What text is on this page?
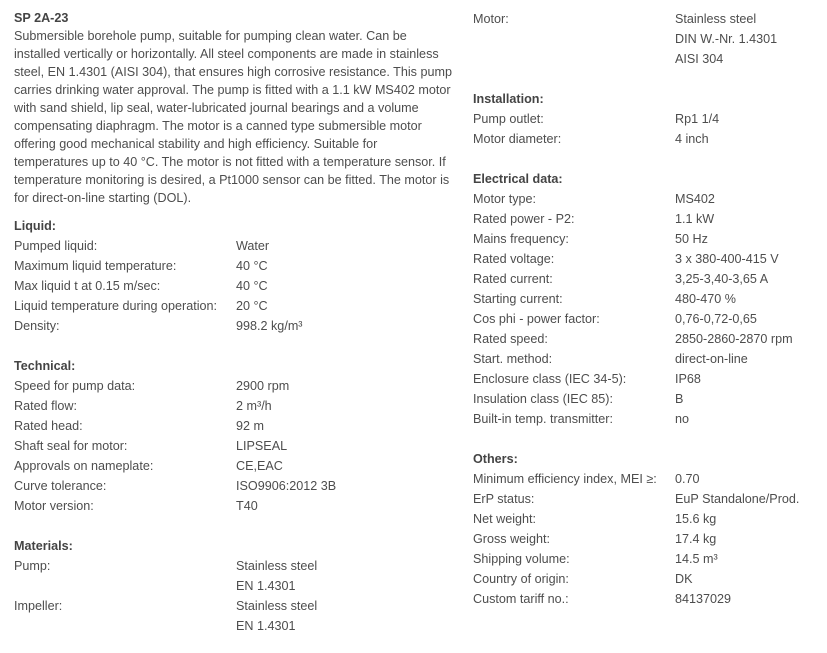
SP 2A-23
Submersible borehole pump, suitable for pumping clean water. Can be installed vertically or horizontally. All steel components are made in stainless steel, EN 1.4301 (AISI 304), that ensures high corrosive resistance. This pump carries drinking water approval. The pump is fitted with a 1.1 kW MS402 motor with sand shield, lip seal, water-lubricated journal bearings and a volume compensating diaphragm. The motor is a canned type submersible motor offering good mechanical stability and high efficiency. Suitable for temperatures up to 40 °C. The motor is not fitted with a temperature sensor. If temperature monitoring is desired, a Pt1000 sensor can be fitted. The motor is for direct-on-line starting (DOL).
Liquid:
Pumped liquid:	Water
Maximum liquid temperature:	40 °C
Max liquid t at 0.15 m/sec:	40 °C
Liquid temperature during operation: 20 °C
Density:	998.2 kg/m³
Technical:
Speed for pump data:	2900 rpm
Rated flow:	2 m³/h
Rated head:	92 m
Shaft seal for motor:	LIPSEAL
Approvals on nameplate:	CE,EAC
Curve tolerance:	ISO9906:2012 3B
Motor version:	T40
Materials:
Pump:	Stainless steel
EN 1.4301
Impeller:	Stainless steel
EN 1.4301
Motor:	Stainless steel
DIN W.-Nr. 1.4301
AISI 304
Installation:
Pump outlet:	Rp1 1/4
Motor diameter:	4 inch
Electrical data:
Motor type:	MS402
Rated power - P2:	1.1 kW
Mains frequency:	50 Hz
Rated voltage:	3 x 380-400-415 V
Rated current:	3,25-3,40-3,65 A
Starting current:	480-470 %
Cos phi - power factor:	0,76-0,72-0,65
Rated speed:	2850-2860-2870 rpm
Start. method:	direct-on-line
Enclosure class (IEC 34-5):	IP68
Insulation class (IEC 85):	B
Built-in temp. transmitter:	no
Others:
Minimum efficiency index, MEI ≥: 0.70
ErP status:	EuP Standalone/Prod.
Net weight:	15.6 kg
Gross weight:	17.4 kg
Shipping volume:	14.5 m³
Country of origin:	DK
Custom tariff no.:	84137029
